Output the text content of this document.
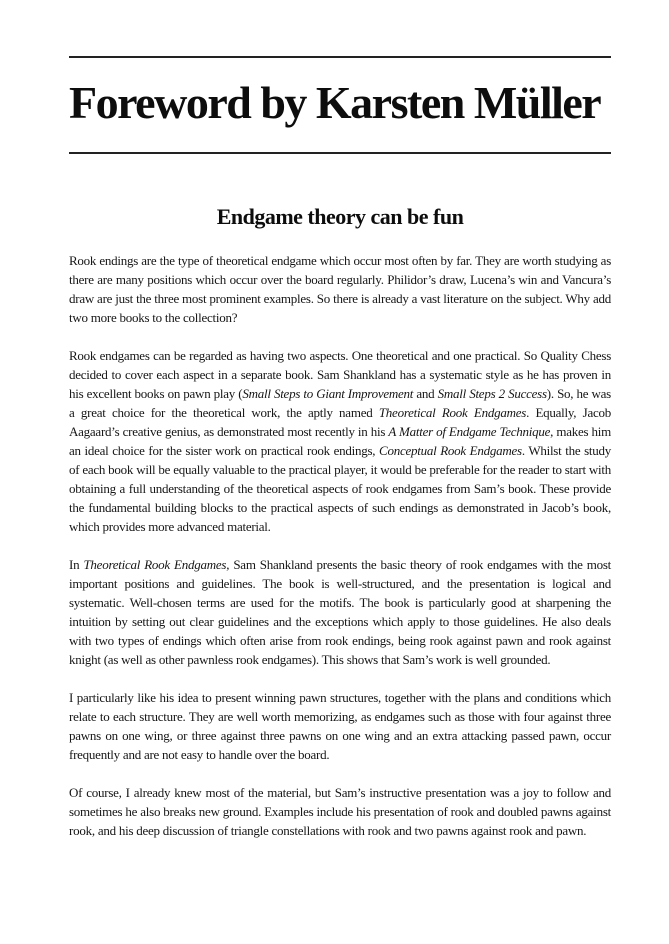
Foreword by Karsten Müller
Endgame theory can be fun

Rook endings are the type of theoretical endgame which occur most often by far. They are worth studying as there are many positions which occur over the board regularly. Philidor’s draw, Lucena’s win and Vancura’s draw are just the three most prominent examples. So there is already a vast literature on the subject. Why add two more books to the collection?

Rook endgames can be regarded as having two aspects. One theoretical and one practical. So Quality Chess decided to cover each aspect in a separate book. Sam Shankland has a systematic style as he has proven in his excellent books on pawn play (Small Steps to Giant Improvement and Small Steps 2 Success). So, he was a great choice for the theoretical work, the aptly named Theoretical Rook Endgames. Equally, Jacob Aagaard’s creative genius, as demonstrated most recently in his A Matter of Endgame Technique, makes him an ideal choice for the sister work on practical rook endings, Conceptual Rook Endgames. Whilst the study of each book will be equally valuable to the practical player, it would be preferable for the reader to start with obtaining a full understanding of the theoretical aspects of rook endgames from Sam’s book. These provide the fundamental building blocks to the practical aspects of such endings as demonstrated in Jacob’s book, which provides more advanced material.

In Theoretical Rook Endgames, Sam Shankland presents the basic theory of rook endgames with the most important positions and guidelines. The book is well-structured, and the presentation is logical and systematic. Well-chosen terms are used for the motifs. The book is particularly good at sharpening the intuition by setting out clear guidelines and the exceptions which apply to those guidelines. He also deals with two types of endings which often arise from rook endings, being rook against pawn and rook against knight (as well as other pawnless rook endgames). This shows that Sam’s work is well grounded.

I particularly like his idea to present winning pawn structures, together with the plans and conditions which relate to each structure. They are well worth memorizing, as endgames such as those with four against three pawns on one wing, or three against three pawns on one wing and an extra attacking passed pawn, occur frequently and are not easy to handle over the board.

Of course, I already knew most of the material, but Sam’s instructive presentation was a joy to follow and sometimes he also breaks new ground. Examples include his presentation of rook and doubled pawns against rook, and his deep discussion of triangle constellations with rook and two pawns against rook and pawn.
